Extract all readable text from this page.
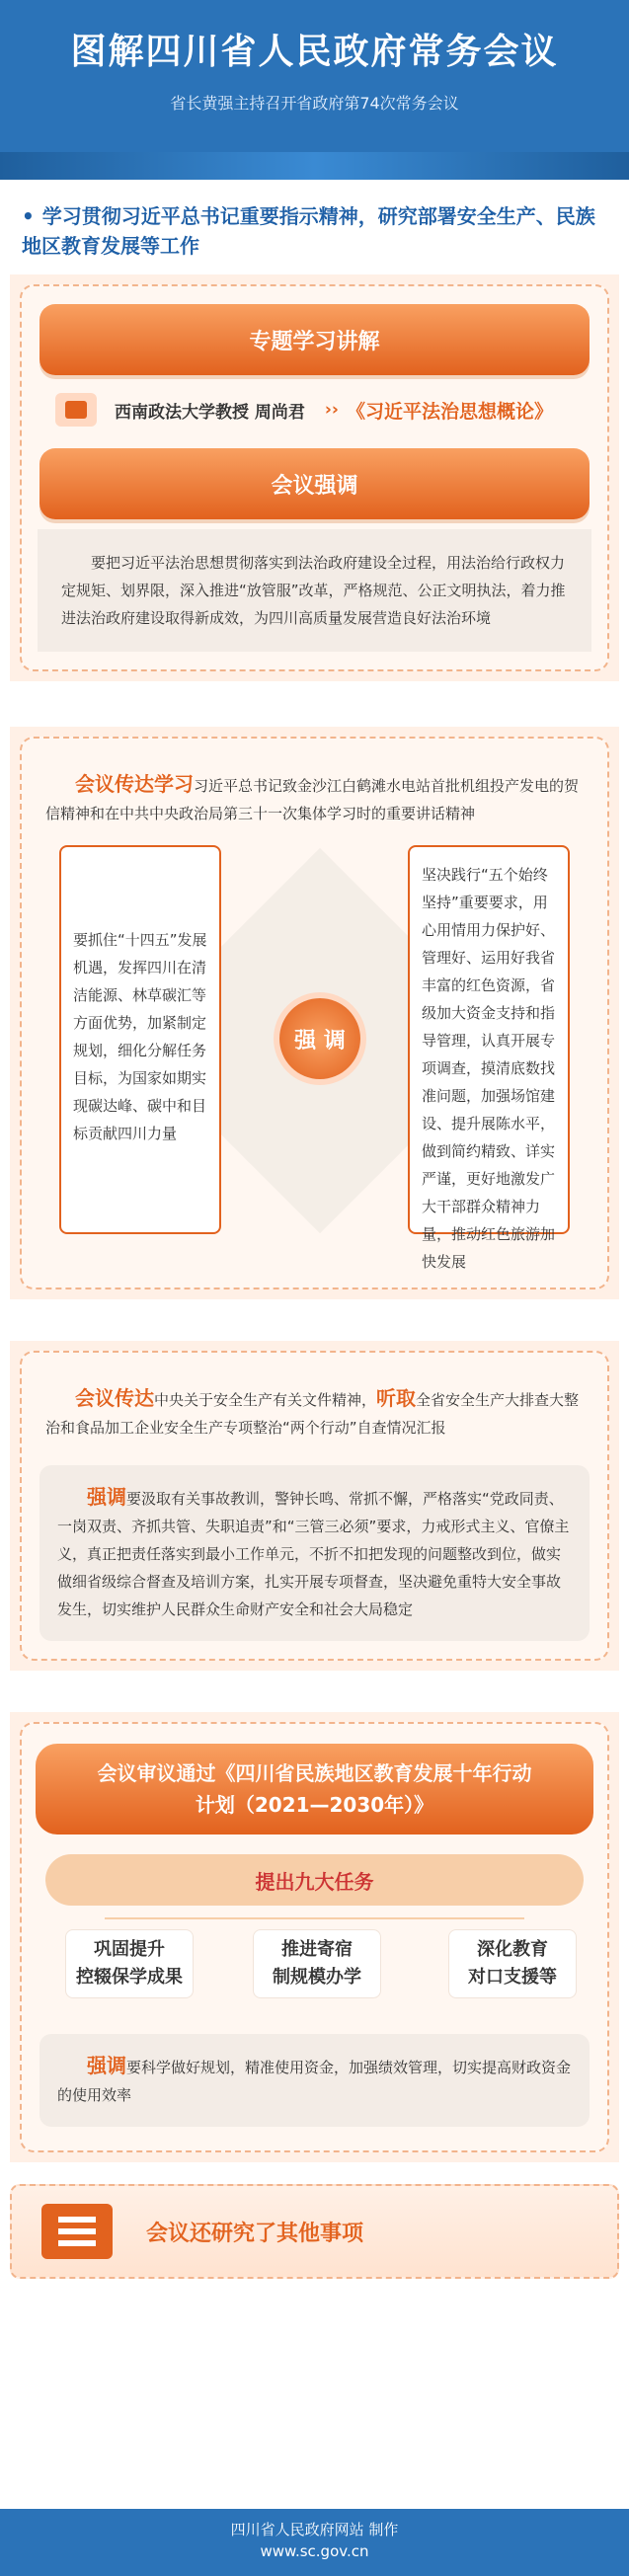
图解四川省人民政府常务会议
省长黄强主持召开省政府第74次常务会议
• 学习贯彻习近平总书记重要指示精神，研究部署安全生产、民族地区教育发展等工作
专题学习讲解
西南政法大学教授 周尚君 ›› 《习近平法治思想概论》
会议强调
要把习近平法治思想贯彻落实到法治政府建设全过程，用法治给行政权力定规矩、划界限，深入推进“放管服”改革，严格规范、公正文明执法，着力推进法治政府建设取得新成效，为四川高质量发展营造良好法治环境
会议传达学习习近平总书记致金沙江白鹤滩水电站首批机组投产发电的贺信精神和在中共中央政治局第三十一次集体学习时的重要讲话精神
要抓住“十四五”发展机遇，发挥四川在清洁能源、林草碳汇等方面优势，加紧制定规划，细化分解任务目标，为国家如期实现碳达峰、碳中和目标贡献四川力量
坚决践行“五个始终坚持”重要要求，用心用情用力保护好、管理好、运用好我省丰富的红色资源，省级加大资金支持和指导管理，认真开展专项调查，摸清底数找准问题，加强场馆建设、提升展陈水平，做到简约精致、详实严谨，更好地激发广大干部群众精神力量，推动红色旅游加快发展
强 调
会议传达中央关于安全生产有关文件精神，听取全省安全生产大排查大整治和食品加工企业安全生产专项整治“两个行动”自查情况汇报
强调要汲取有关事故教训，警钟长鸣、常抓不懈，严格落实“党政同责、一岗双责、齐抓共管、失职追责”和“三管三必须”要求，力戒形式主义、官僚主义，真正把责任落实到最小工作单元，不折不扣把发现的问题整改到位，做实做细省级综合督查及培训方案，扎实开展专项督查，坚决避免重特大安全事故发生，切实维护人民群众生命财产安全和社会大局稳定
会议审议通过《四川省民族地区教育发展十年行动
计划（2021—2030年）》
提出九大任务
巩固提升
控辍保学成果
推进寄宿
制规模办学
深化教育
对口支援等
强调要科学做好规划，精准使用资金，加强绩效管理，切实提高财政资金的使用效率
会议还研究了其他事项
四川省人民政府网站 制作
www.sc.gov.cn
